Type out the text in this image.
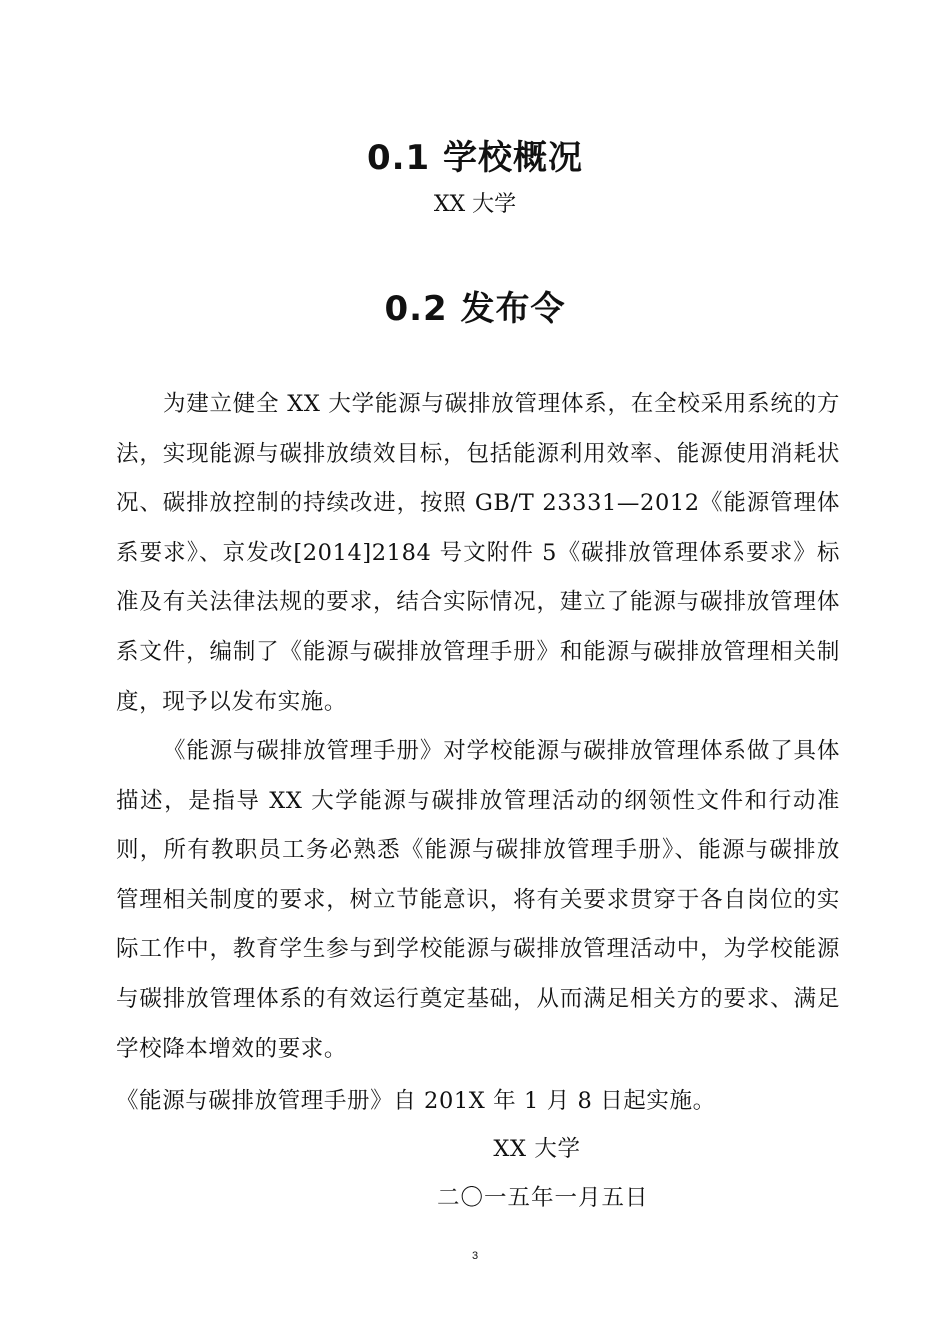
0.1 学校概况
XX 大学
0.2 发布令

为建立健全 XX 大学能源与碳排放管理体系，在全校采用系统的方法，实现能源与碳排放绩效目标，包括能源利用效率、能源使用消耗状况、碳排放控制的持续改进，按照 GB/T 23331—2012《能源管理体系要求》、京发改[2014]2184 号文附件 5《碳排放管理体系要求》标准及有关法律法规的要求，结合实际情况，建立了能源与碳排放管理体系文件，编制了《能源与碳排放管理手册》和能源与碳排放管理相关制度，现予以发布实施。

《能源与碳排放管理手册》对学校能源与碳排放管理体系做了具体描述，是指导 XX 大学能源与碳排放管理活动的纲领性文件和行动准则，所有教职员工务必熟悉《能源与碳排放管理手册》、能源与碳排放管理相关制度的要求，树立节能意识，将有关要求贯穿于各自岗位的实际工作中，教育学生参与到学校能源与碳排放管理活动中，为学校能源与碳排放管理体系的有效运行奠定基础，从而满足相关方的要求、满足学校降本增效的要求。

《能源与碳排放管理手册》自 201X 年 1 月 8 日起实施。

XX 大学
二〇一五年一月五日
3
